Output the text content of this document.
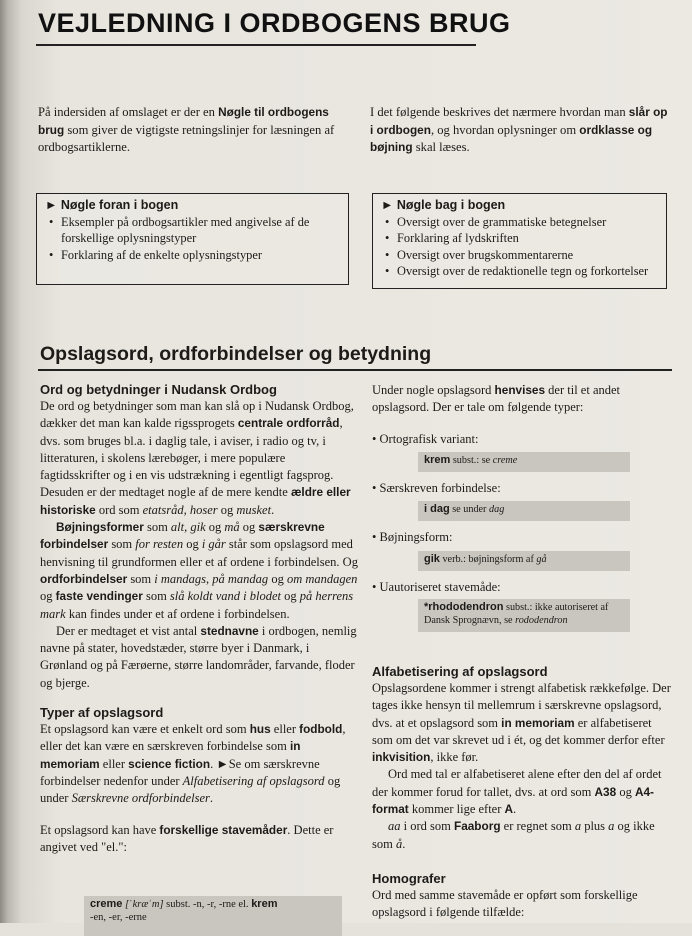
VEJLEDNING I ORDBOGENS BRUG

På indersiden af omslaget er der en Nøgle til ordbogens brug som giver de vigtigste retningslinjer for læsningen af ordbogsartiklerne.

I det følgende beskrives det nærmere hvordan man slår op i ordbogen, og hvordan oplysninger om ordklasse og bøjning skal læses.

► Nøgle foran i bogen
• Eksempler på ordbogsartikler med angivelse af de forskellige oplysningstyper
• Forklaring af de enkelte oplysningstyper
► Nøgle bag i bogen
• Oversigt over de grammatiske betegnelser
• Forklaring af lydskriften
• Oversigt over brugskommentarerne
• Oversigt over de redaktionelle tegn og forkortelser
Opslagsord, ordforbindelser og betydning
Ord og betydninger i Nudansk Ordbog

De ord og betydninger som man kan slå op i Nudansk Ordbog, dækker det man kan kalde rigssprogets centrale ordforråd, dvs. som bruges bl.a. i daglig tale, i aviser, i radio og tv, i litteraturen, i skolens lærebøger, i mere populære fagtidsskrifter og i en vis udstrækning i egentligt fagsprog. Desuden er der medtaget nogle af de mere kendte ældre eller historiske ord som etatsråd, hoser og musket.

Bøjningsformer som alt, gik og må og særskrevne forbindelser som for resten og i går står som opslagsord med henvisning til grundformen eller et af ordene i forbindelsen. Og ordforbindelser som i mandags, på mandag og om mandagen og faste vendinger som slå koldt vand i blodet og på herrens mark kan findes under et af ordene i forbindelsen.

Der er medtaget et vist antal stednavne i ordbogen, nemlig navne på stater, hovedstæder, større byer i Danmark, i Grønland og på Færøerne, større landområder, farvande, floder og bjerge.

Typer af opslagsord

Et opslagsord kan være et enkelt ord som hus eller fodbold, eller det kan være en særskreven forbindelse som in memoriam eller science fiction. ►Se om særskrevne forbindelser nedenfor under Alfabetisering af opslagsord og under Særskrevne ordforbindelser.

Et opslagsord kan have forskellige stavemåder. Dette er angivet ved "el.":

creme [ˈkræˈm] subst. -n, -r, -rne el. krem
-en, -er, -erne

Under nogle opslagsord henvises der til et andet opslagsord. Der er tale om følgende typer:

• Ortografisk variant:
krem subst.: se creme
• Særskreven forbindelse:
i dag se under dag
• Bøjningsform:
gik verb.: bøjningsform af gå
• Uautoriseret stavemåde:
*rhododendron subst.: ikke autoriseret af Dansk Sprognævn, se rododendron
Alfabetisering af opslagsord

Opslagsordene kommer i strengt alfabetisk rækkefølge. Der tages ikke hensyn til mellemrum i særskrevne opslagsord, dvs. at et opslagsord som in memoriam er alfabetiseret som om det var skrevet ud i ét, og det kommer derfor efter inkvisition, ikke før.

Ord med tal er alfabetiseret alene efter den del af ordet der kommer forud for tallet, dvs. at ord som A38 og A4-format kommer lige efter A.

aa i ord som Faaborg er regnet som a plus a og ikke som å.

Homografer

Ord med samme stavemåde er opført som forskellige opslagsord i følgende tilfælde:
